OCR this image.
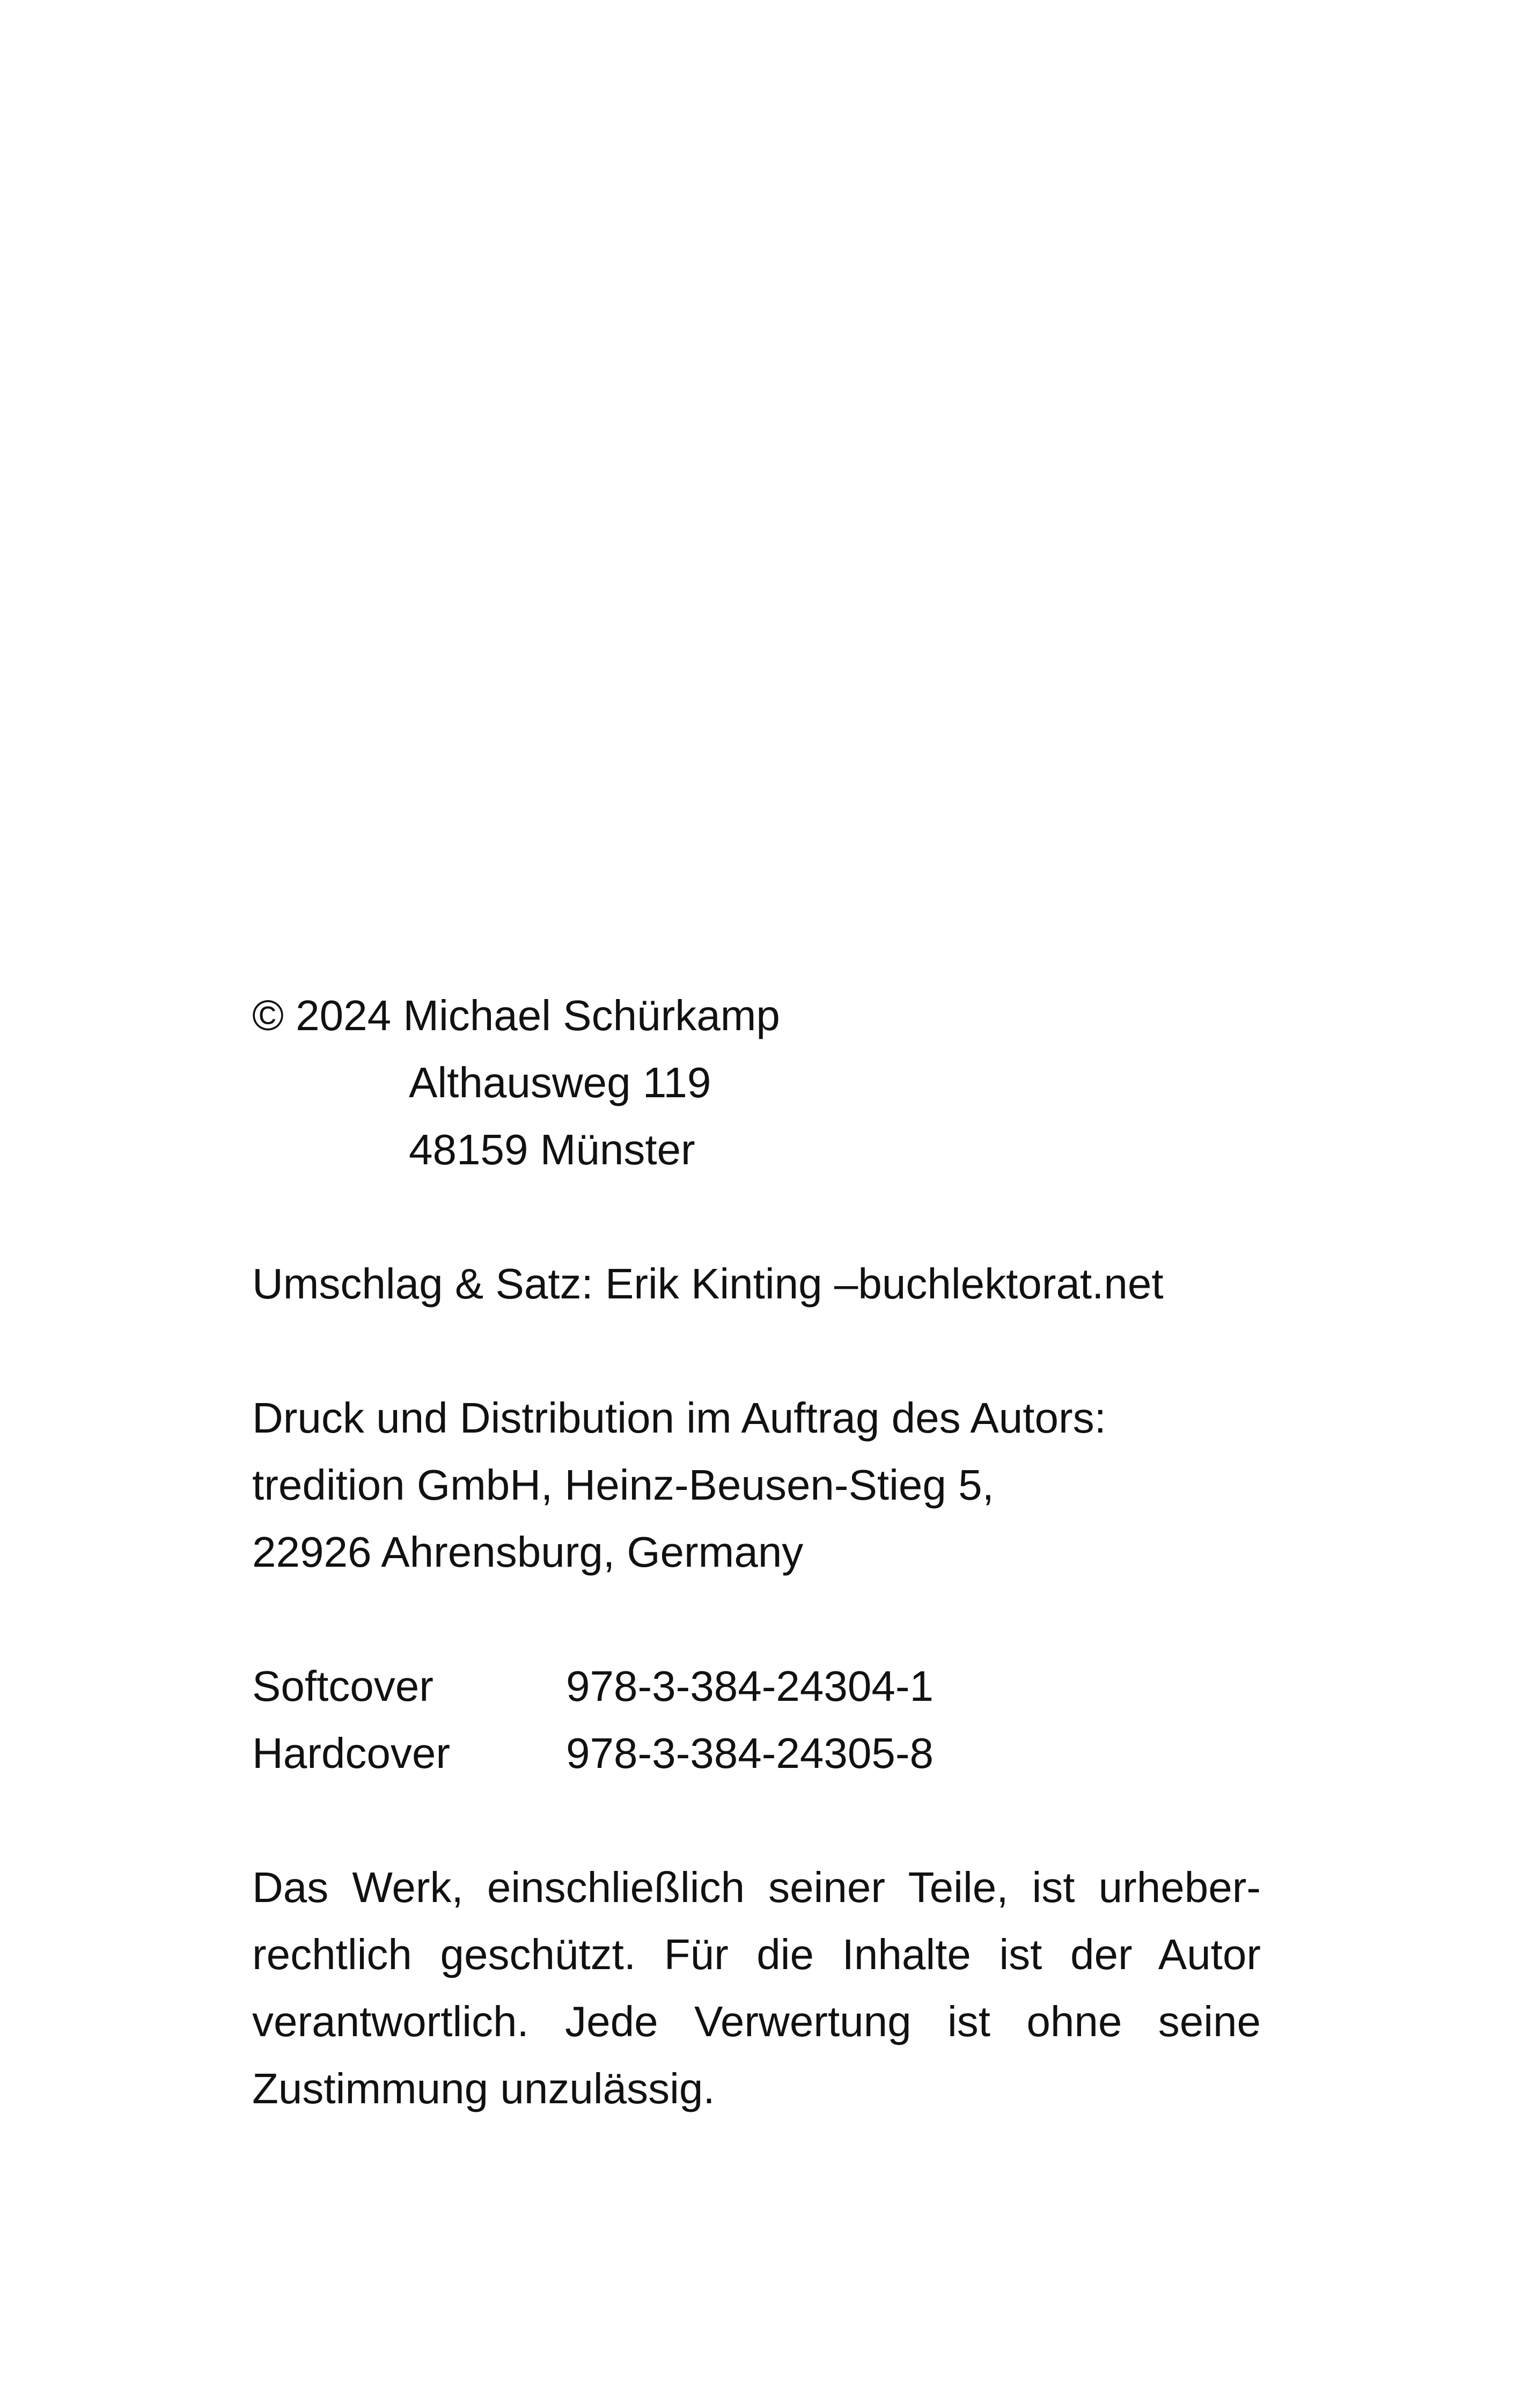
© 2024 Michael Schürkamp
Althausweg 119
48159 Münster
Umschlag & Satz: Erik Kinting –buchlektorat.net
Druck und Distribution im Auftrag des Autors:
tredition GmbH, Heinz-Beusen-Stieg 5,
22926 Ahrensburg, Germany
Softcover	978-3-384-24304-1
Hardcover	978-3-384-24305-8
Das Werk, einschließlich seiner Teile, ist urheberrechtlich geschützt. Für die Inhalte ist der Autor verantwortlich. Jede Verwertung ist ohne seine Zustimmung unzulässig.
